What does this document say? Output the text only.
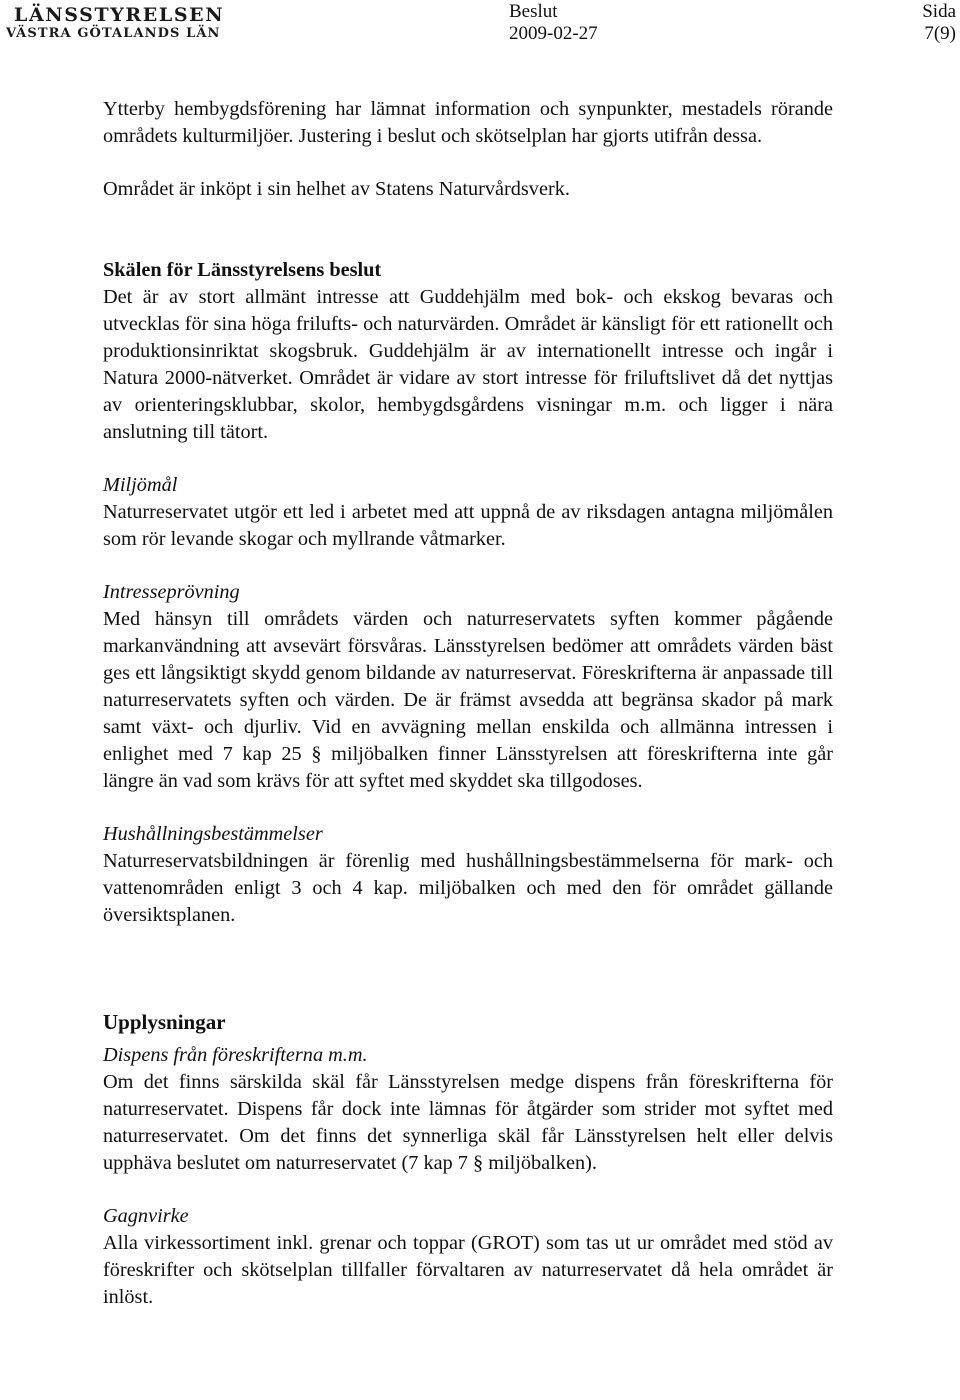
LÄNSSTYRELSEN
VÄSTRA GÖTALANDS LÄN
Beslut
2009-02-27
Sida
7(9)

Ytterby hembygdsförening har lämnat information och synpunkter, mestadels rörande områdets kulturmiljöer. Justering i beslut och skötselplan har gjorts utifrån dessa.

Området är inköpt i sin helhet av Statens Naturvårdsverk.

Skälen för Länsstyrelsens beslut

Det är av stort allmänt intresse att Guddehjälm med bok- och ekskog bevaras och utvecklas för sina höga frilufts- och naturvärden. Området är känsligt för ett rationellt och produktionsinriktat skogsbruk. Guddehjälm är av internationellt intresse och ingår i Natura 2000-nätverket. Området är vidare av stort intresse för friluftslivet då det nyttjas av orienteringsklubbar, skolor, hembygdsgårdens visningar m.m. och ligger i nära anslutning till tätort.

Miljömål

Naturreservatet utgör ett led i arbetet med att uppnå de av riksdagen antagna miljömålen som rör levande skogar och myllrande våtmarker.

Intresseprövning

Med hänsyn till områdets värden och naturreservatets syften kommer pågående markanvändning att avsevärt försvåras. Länsstyrelsen bedömer att områdets värden bäst ges ett långsiktigt skydd genom bildande av naturreservat. Föreskrifterna är anpassade till naturreservatets syften och värden. De är främst avsedda att begränsa skador på mark samt växt- och djurliv. Vid en avvägning mellan enskilda och allmänna intressen i enlighet med 7 kap 25 § miljöbalken finner Länsstyrelsen att föreskrifterna inte går längre än vad som krävs för att syftet med skyddet ska tillgodoses.

Hushållningsbestämmelser

Naturreservatsbildningen är förenlig med hushållningsbestämmelserna för mark- och vattenområden enligt 3 och 4 kap. miljöbalken och med den för området gällande översiktsplanen.

Upplysningar

Dispens från föreskrifterna m.m.

Om det finns särskilda skäl får Länsstyrelsen medge dispens från föreskrifterna för naturreservatet. Dispens får dock inte lämnas för åtgärder som strider mot syftet med naturreservatet. Om det finns det synnerliga skäl får Länsstyrelsen helt eller delvis upphäva beslutet om naturreservatet (7 kap 7 § miljöbalken).

Gagnvirke

Alla virkessortiment inkl. grenar och toppar (GROT) som tas ut ur området med stöd av föreskrifter och skötselplan tillfaller förvaltaren av naturreservatet då hela området är inlöst.
